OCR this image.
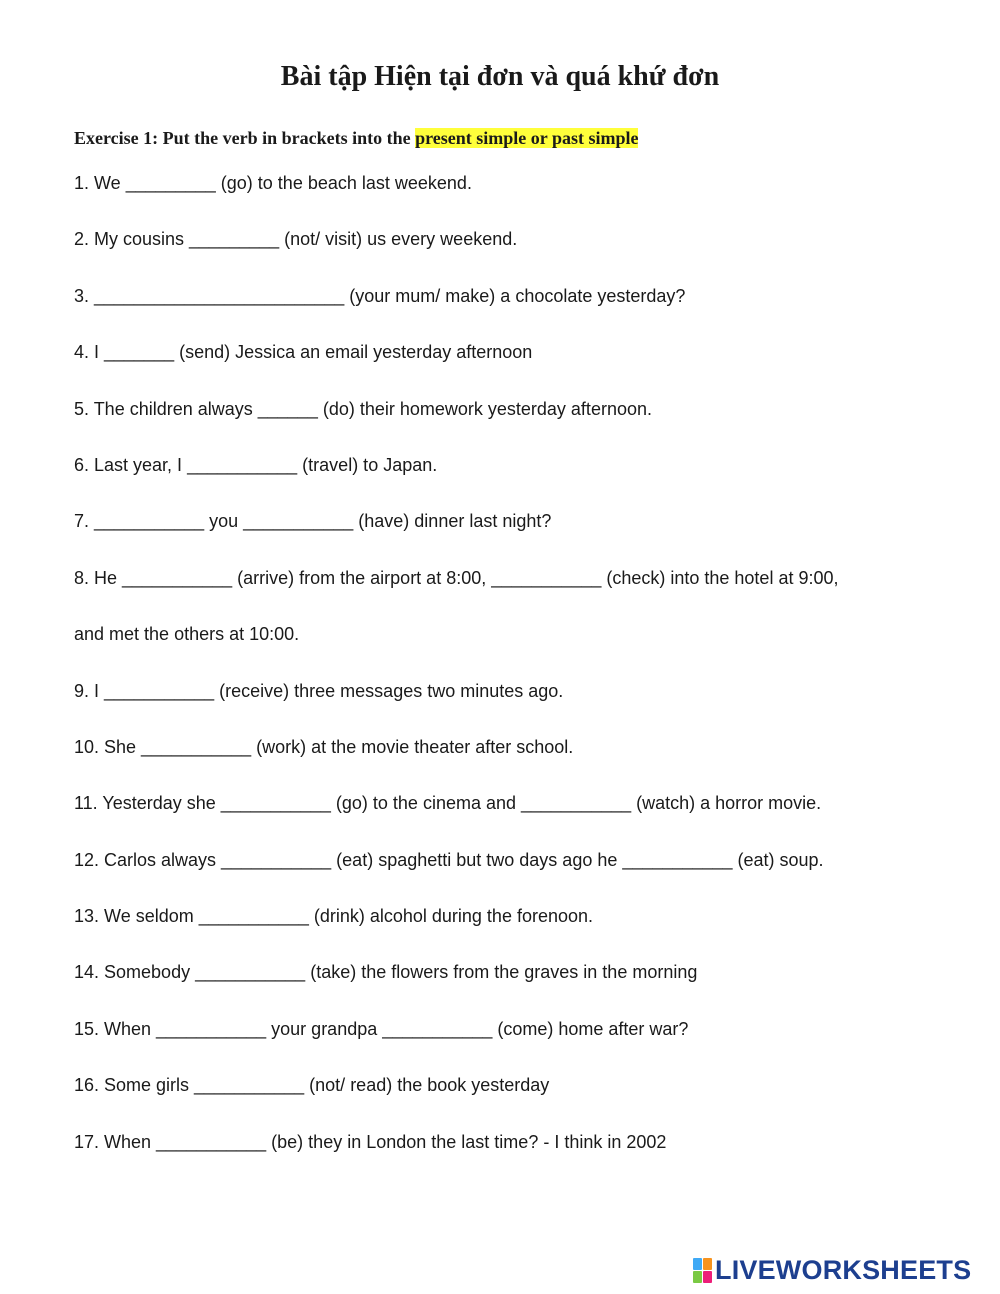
Bài tập Hiện tại đơn và quá khứ đơn
Exercise 1: Put the verb in brackets into the present simple or past simple
1. We _________ (go) to the beach last weekend.
2. My cousins _________ (not/ visit) us every weekend.
3. _________________________ (your mum/ make) a chocolate yesterday?
4. I _______ (send) Jessica an email yesterday afternoon
5. The children always ______ (do) their homework yesterday afternoon.
6. Last year, I ___________ (travel) to Japan.
7. ___________ you ___________ (have) dinner last night?
8. He ___________ (arrive) from the airport at 8:00, ___________ (check) into the hotel at 9:00,
and met the others at 10:00.
9. I ___________ (receive) three messages two minutes ago.
10. She ___________ (work) at the movie theater after school.
11. Yesterday she ___________ (go) to the cinema and ___________ (watch) a horror movie.
12. Carlos always ___________ (eat) spaghetti but two days ago he ___________ (eat) soup.
13. We seldom ___________ (drink) alcohol during the forenoon.
14. Somebody ___________ (take) the flowers from the graves in the morning
15. When ___________ your grandpa ___________ (come) home after war?
16. Some girls ___________ (not/ read) the book yesterday
17. When ___________ (be) they in London the last time? - I think in 2002
LIVEWORKSHEETS
